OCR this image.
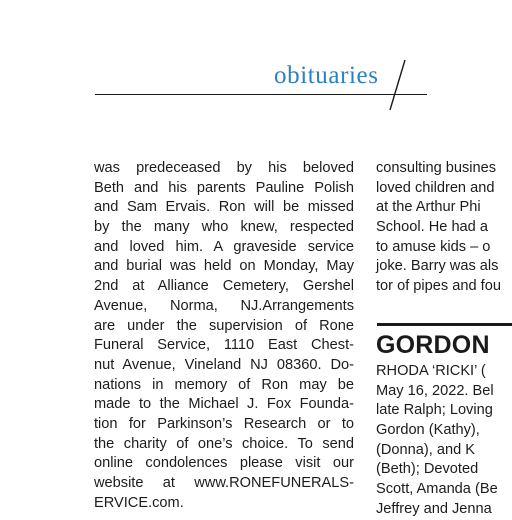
obituaries
was predeceased by his beloved
Beth and his parents Pauline Polish
and Sam Ervais. Ron will be missed
by the many who knew, respected
and loved him. A graveside service
and burial was held on Monday, May
2nd at Alliance Cemetery, Gershel
Avenue, Norma, NJ.Arrangements
are under the supervision of Rone
Funeral Service, 1110 East Chest-
nut Avenue, Vineland NJ 08360. Do-
nations in memory of Ron may be
made to the Michael J. Fox Founda-
tion for Parkinson’s Research or to
the charity of one’s choice. To send
online condolences please visit our
website at www.RONEFUNERALS-
ERVICE.com.
consulting busines
loved children and
at the Arthur Phi
School. He had a
to amuse kids – o
joke. Barry was als
tor of pipes and fou
GORDON
RHODA ‘RICKI’ (
May 16, 2022. Bel
late Ralph; Loving
Gordon (Kathy),
(Donna), and K
(Beth); Devoted
Scott, Amanda (Be
Jeffrey and Jenna
